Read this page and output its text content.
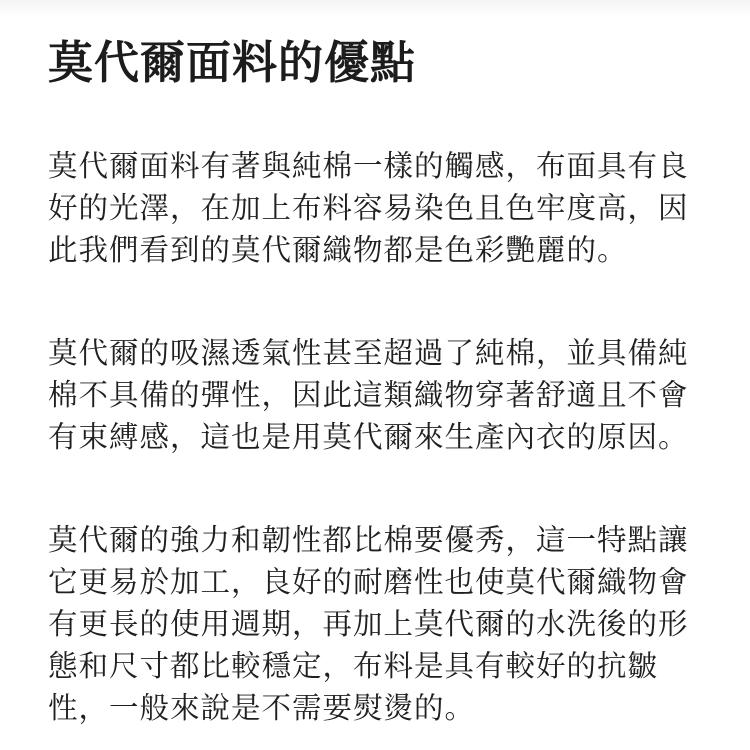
莫代爾面料的優點

莫代爾面料有著與純棉一樣的觸感，布面具有良
好的光澤，在加上布料容易染色且色牢度高，因
此我們看到的莫代爾織物都是色彩艷麗的。

莫代爾的吸濕透氣性甚至超過了純棉，並具備純
棉不具備的彈性，因此這類織物穿著舒適且不會
有束縛感，這也是用莫代爾來生產內衣的原因。

莫代爾的強力和韌性都比棉要優秀，這一特點讓
它更易於加工，良好的耐磨性也使莫代爾織物會
有更長的使用週期，再加上莫代爾的水洗後的形
態和尺寸都比較穩定，布料是具有較好的抗皺
性，一般來說是不需要熨燙的。
